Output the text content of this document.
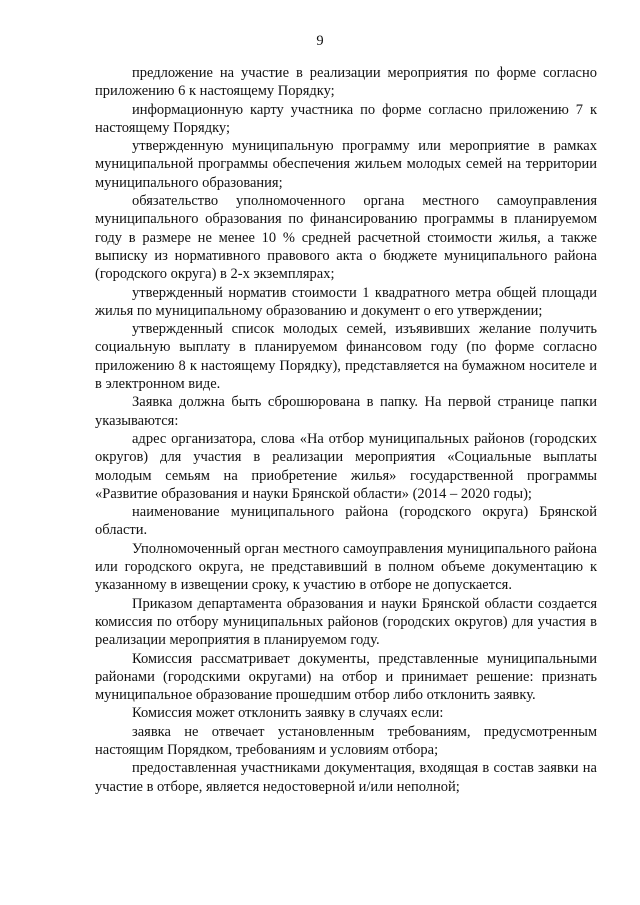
9

предложение на участие в реализации мероприятия по форме согласно приложению 6 к настоящему Порядку;

информационную карту участника по форме согласно приложению 7 к настоящему Порядку;

утвержденную муниципальную программу или мероприятие в рамках муниципальной программы обеспечения жильем молодых семей на территории муниципального образования;

обязательство уполномоченного органа местного самоуправления муниципального образования по финансированию программы в планируемом году в размере не менее 10 % средней расчетной стоимости жилья, а также выписку из нормативного правового акта о бюджете муниципального района (городского округа) в 2-х экземплярах;

утвержденный норматив стоимости 1 квадратного метра общей площади жилья по муниципальному образованию и документ о его утверждении;

утвержденный список молодых семей, изъявивших желание получить социальную выплату в планируемом финансовом году (по форме согласно приложению 8 к настоящему Порядку), представляется на бумажном носителе и в электронном виде.

Заявка должна быть сброшюрована в папку. На первой странице папки указываются:

адрес организатора, слова «На отбор муниципальных районов (городских округов) для участия в реализации мероприятия «Социальные выплаты молодым семьям на приобретение жилья» государственной программы «Развитие образования и науки Брянской области» (2014 – 2020 годы);

наименование муниципального района (городского округа) Брянской области.

Уполномоченный орган местного самоуправления муниципального района или городского округа, не представивший в полном объеме документацию к указанному в извещении сроку, к участию в отборе не допускается.

Приказом департамента образования и науки Брянской области создается комиссия по отбору муниципальных районов (городских округов) для участия в реализации мероприятия в планируемом году.

Комиссия рассматривает документы, представленные муниципальными районами (городскими округами) на отбор и принимает решение: признать муниципальное образование прошедшим отбор либо отклонить заявку.

Комиссия может отклонить заявку в случаях если:

заявка не отвечает установленным требованиям, предусмотренным настоящим Порядком, требованиям и условиям отбора;

предоставленная участниками документация, входящая в состав заявки на участие в отборе, является недостоверной и/или неполной;
